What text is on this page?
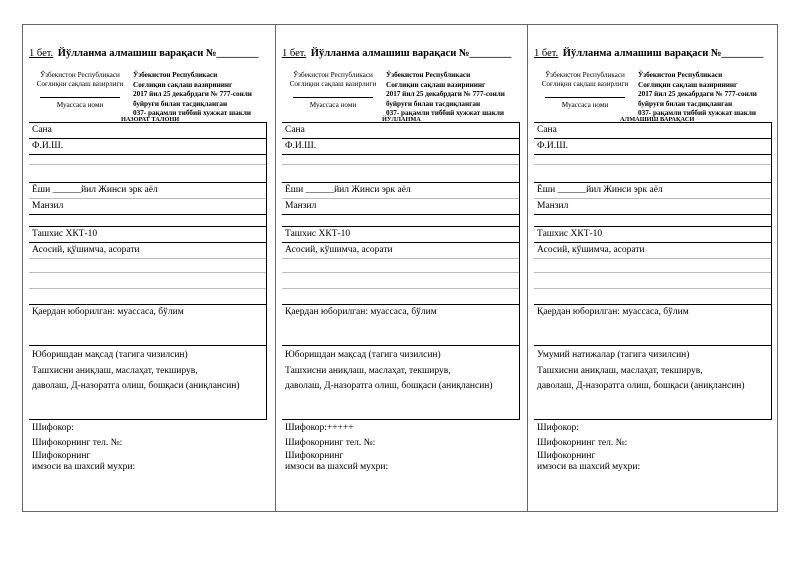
1 бет. Йўлланма алмашиш варақаси №________
Ўзбекистон Республикаси
Соғлиқни сақлаш вазирлиги
Муассаса номи
Ўзбекистон Республикаси
Соғлиқни сақлаш вазирининг
2017 йил 25 декабрдаги № 777-сонли
буйруғи билан тасдиқланган
037- рақамли тиббий хужжат шакли
НАЗОРАТ ТАЛОНИ
Сана
Ф.И.Ш.
Ёши ______йил Жинси эрк аёл
Манзил
Ташхис ХКТ-10
Асосий, қўшимча, асорати
Қаердан юборилган: муассаса, бўлим
Юборишдан мақсад (тагига чизилсин)
Ташхисни аниқлаш, маслаҳат, текширув,
даволаш, Д-назоратга олиш, бошқаси (аниқлансин)
Шифокор:
Шифокорнинг тел. №:
Шифокорнинг
имзоси ва шахсий мухри:
1 бет. Йўлланма алмашиш варақаси №________
Ўзбекистон Республикаси
Соғлиқни сақлаш вазирлиги
Муассаса номи
Ўзбекистон Республикаси
Соғлиқни сақлаш вазирининг
2017 йил 25 декабрдаги № 777-сонли
буйруғи билан тасдиқланган
037- рақамли тиббий хужжат шакли
ЙЎЛЛАНМА
Сана
Ф.И.Ш.
Ёши ______йил Жинси эрк аёл
Манзил
Ташхис ХКТ-10
Асосий, кўшимча, асорати
Қаердан юборилган: муассаса, бўлим
Юборишдан мақсад (тагига чизилсин)
Ташхисни аниқлаш, маслаҳат, текширув,
даволаш, Д-назоратга олиш, бошқаси (аниқлансин)
Шифокор:+++++
Шифокорнинг тел. №:
Шифокорнинг
имзоси ва шахсий мухри:
1 бет. Йўлланма алмашиш варақаси №________
Ўзбекистон Республикаси
Соғлиқни сақлаш вазирлиги
Муассаса номи
Ўзбекистон Республикаси
Соғлиқни сақлаш вазирининг
2017 йил 25 декабрдаги № 777-сонли
буйруғи билан тасдиқланган
037- рақамли тиббий хужжат шакли
АЛМАШИШ ВАРАҚАСИ
Сана
Ф.И.Ш.
Ёши ______йил Жинси эрк аёл
Манзил
Ташхис ХКТ-10
Асосий, кўшимча, асорати
Қаердан юборилган: муассаса, бўлим
Умумий натижалар (тагига чизилсин)
Ташхисни аниқлаш, маслаҳат, текширув,
даволаш, Д-назоратга олиш, бошқаси (аниқлансин)
Шифокор:
Шифокорнинг тел. №:
Шифокорнинг
имзоси ва шахсий мухри:
